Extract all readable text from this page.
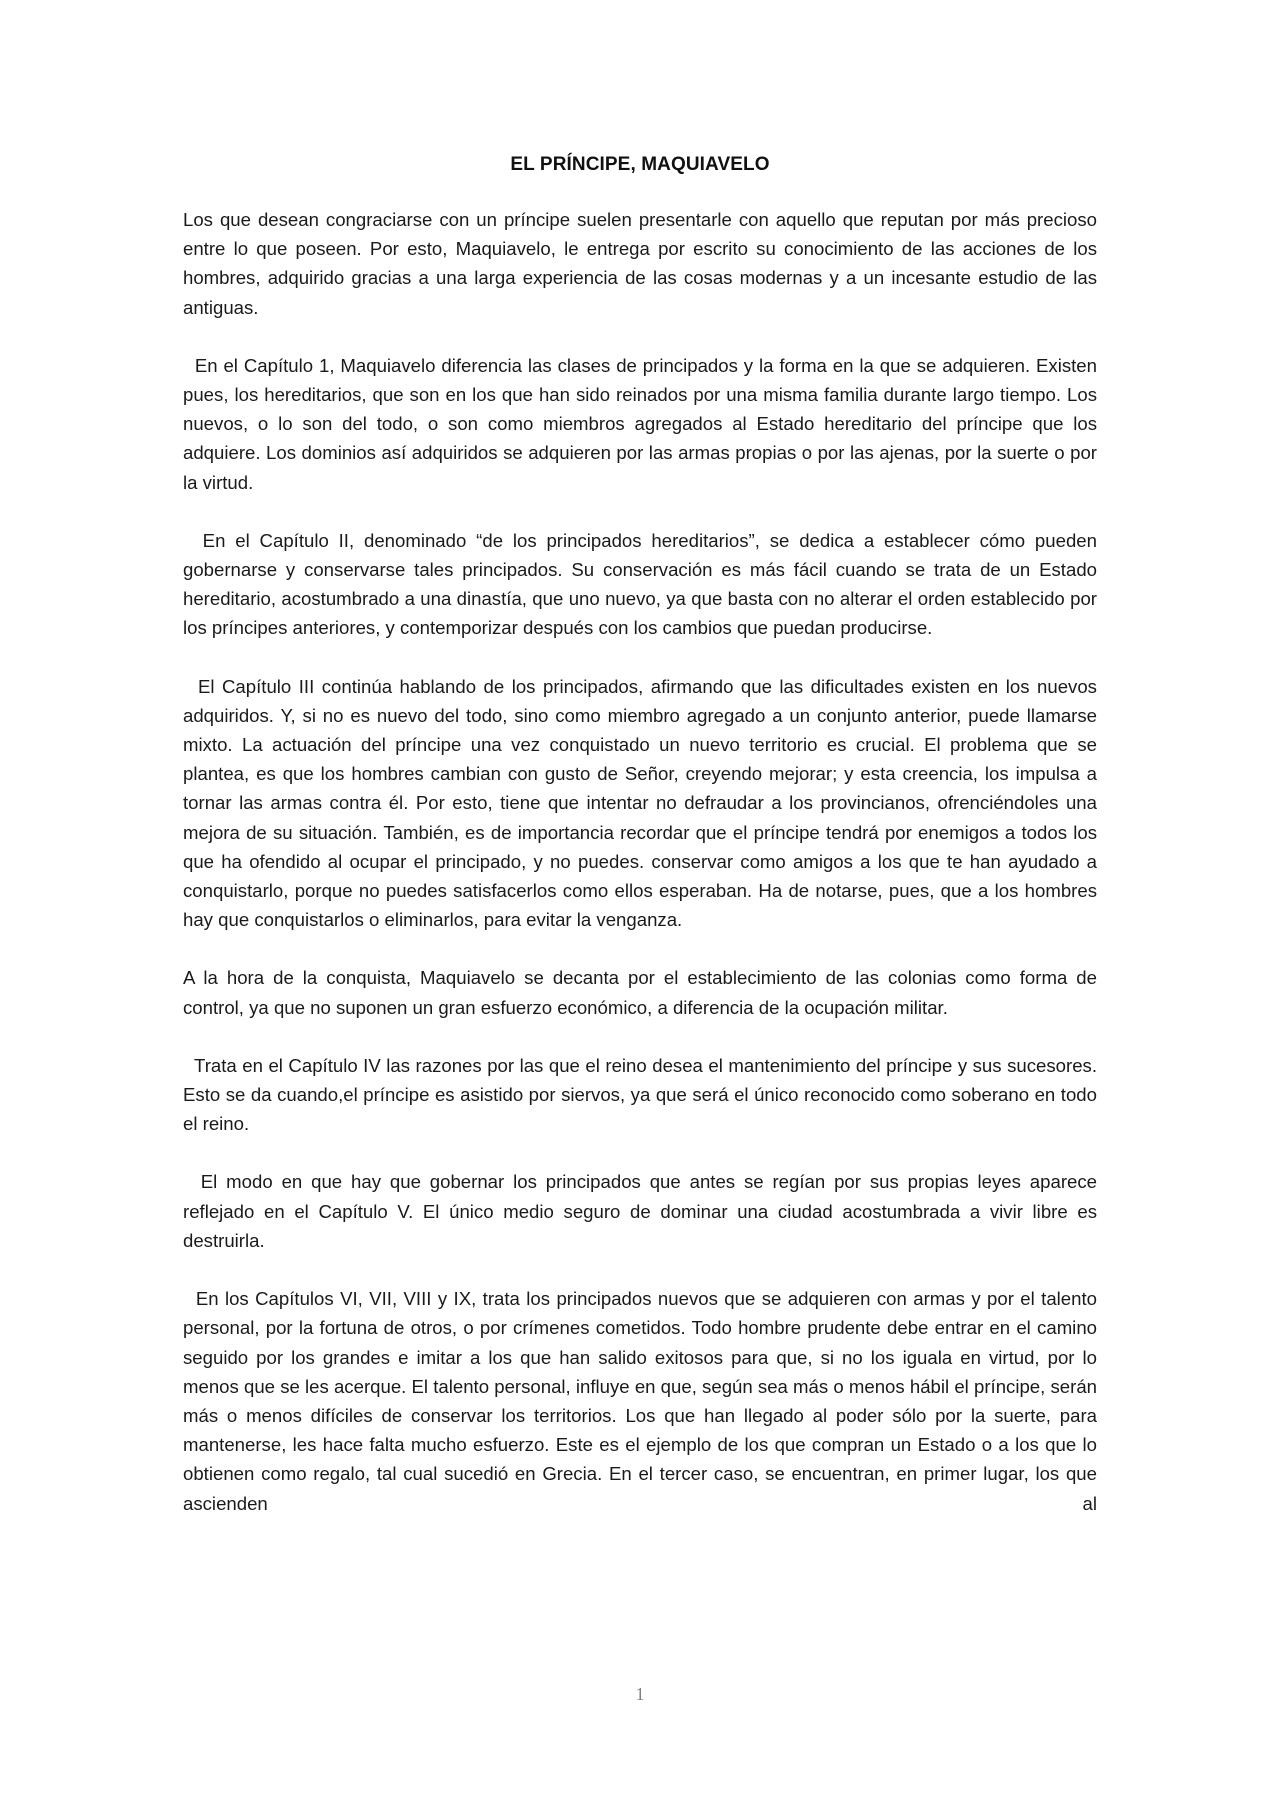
EL PRÍNCIPE, MAQUIAVELO

Los que desean congraciarse con un príncipe suelen presentarle con aquello que reputan por más precioso entre lo que poseen. Por esto, Maquiavelo, le entrega por escrito su conocimiento de las acciones de los hombres, adquirido gracias a una larga experiencia de las cosas modernas y a un incesante estudio de las antiguas.

En el Capítulo 1, Maquiavelo diferencia las clases de principados y la forma en la que se adquieren. Existen pues, los hereditarios, que son en los que han sido reinados por una misma familia durante largo tiempo. Los nuevos, o lo son del todo, o son como miembros agregados al Estado hereditario del príncipe que los adquiere. Los dominios así adquiridos se adquieren por las armas propias o por las ajenas, por la suerte o por la virtud.

En el Capítulo II, denominado “de los principados hereditarios”, se dedica a establecer cómo pueden gobernarse y conservarse tales principados. Su conservación es más fácil cuando se trata de un Estado hereditario, acostumbrado a una dinastía, que uno nuevo, ya que basta con no alterar el orden establecido por los príncipes anteriores, y contemporizar después con los cambios que puedan producirse.

El Capítulo III continúa hablando de los principados, afirmando que las dificultades existen en los nuevos adquiridos. Y, si no es nuevo del todo, sino como miembro agregado a un conjunto anterior, puede llamarse mixto. La actuación del príncipe una vez conquistado un nuevo territorio es crucial. El problema que se plantea, es que los hombres cambian con gusto de Señor, creyendo mejorar; y esta creencia, los impulsa a tornar las armas contra él. Por esto, tiene que intentar no defraudar a los provincianos, ofrenciéndoles una mejora de su situación. También, es de importancia recordar que el príncipe tendrá por enemigos a todos los que ha ofendido al ocupar el principado, y no puedes. conservar como amigos a los que te han ayudado a conquistarlo, porque no puedes satisfacerlos como ellos esperaban. Ha de notarse, pues, que a los hombres hay que conquistarlos o eliminarlos, para evitar la venganza.

A la hora de la conquista, Maquiavelo se decanta por el establecimiento de las colonias como forma de control, ya que no suponen un gran esfuerzo económico, a diferencia de la ocupación militar.

Trata en el Capítulo IV las razones por las que el reino desea el mantenimiento del príncipe y sus sucesores. Esto se da cuando,el príncipe es asistido por siervos, ya que será el único reconocido como soberano en todo el reino.

El modo en que hay que gobernar los principados que antes se regían por sus propias leyes aparece reflejado en el Capítulo V. El único medio seguro de dominar una ciudad acostumbrada a vivir libre es destruirla.

En los Capítulos VI, VII, VIII y IX, trata los principados nuevos que se adquieren con armas y por el talento personal, por la fortuna de otros, o por crímenes cometidos. Todo hombre prudente debe entrar en el camino seguido por los grandes e imitar a los que han salido exitosos para que, si no los iguala en virtud, por lo menos que se les acerque. El talento personal, influye en que, según sea más o menos hábil el príncipe, serán más o menos difíciles de conservar los territorios. Los que han llegado al poder sólo por la suerte, para mantenerse, les hace falta mucho esfuerzo. Este es el ejemplo de los que compran un Estado o a los que lo obtienen como regalo, tal cual sucedió en Grecia. En el tercer caso, se encuentran, en primer lugar, los que ascienden al

1
